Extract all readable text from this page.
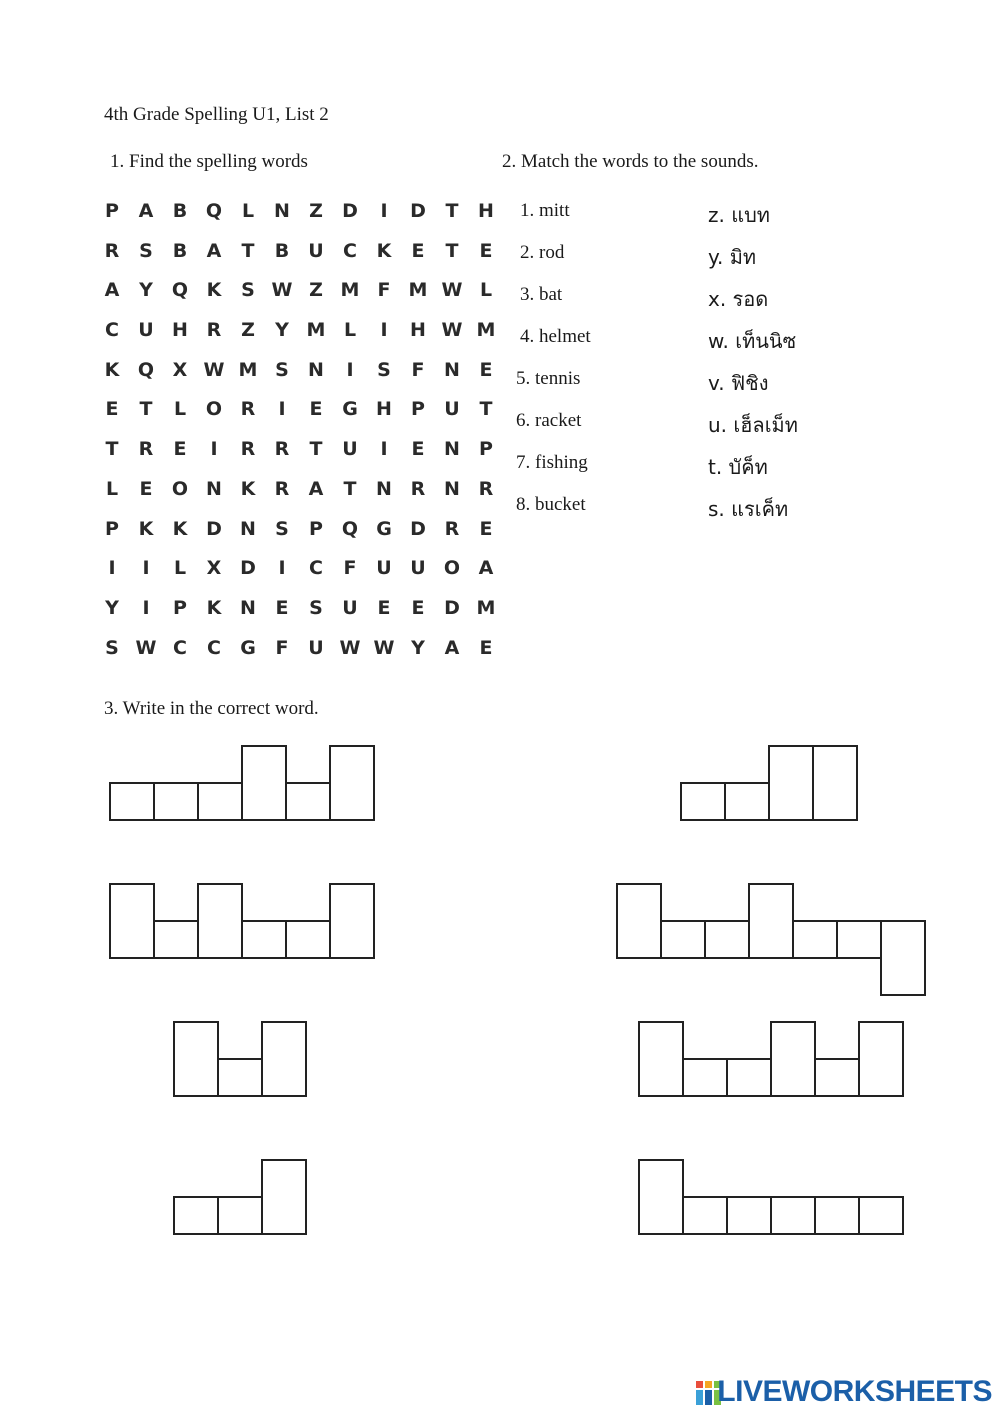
4th Grade Spelling U1, List 2
1. Find the spelling words	2. Match the words to the sounds.
P	A	B Q	L	N	Z	D	I	D	T	H
R	S	B	A	T	B	U	C	K	E	T	E
A	Y	Q K	S W Z M F M W L
C	U H R	Z	Y M L	I	H W M
K Q X W M S	N	I	S	F	N	E
E	T	L	O R	I	E	G H	P	U	T
T	R	E	I	R	R	T	U	I	E	N	P
L	E	O N K	R	A	T	N R N R
P	K	K D N	S	P Q G D R	E
I	I	L	X D	I	C	F	U U O A
Y	I	P	K N	E	S	U	E	E	D M
S W C	C	G	F	U W W Y	A	E
1. mitt
2. rod
3. bat
4. helmet
5. tennis
6. racket
7. fishing
8. bucket
z. แบท
y. มิท
x. รอด
w. เท็นนิซ
v. ฟิชิง
u. เฮ็ลเม็ท
t. บัค็ท
s. แรเค็ท
3. Write in the correct word.
LIVEWORKSHEETS
